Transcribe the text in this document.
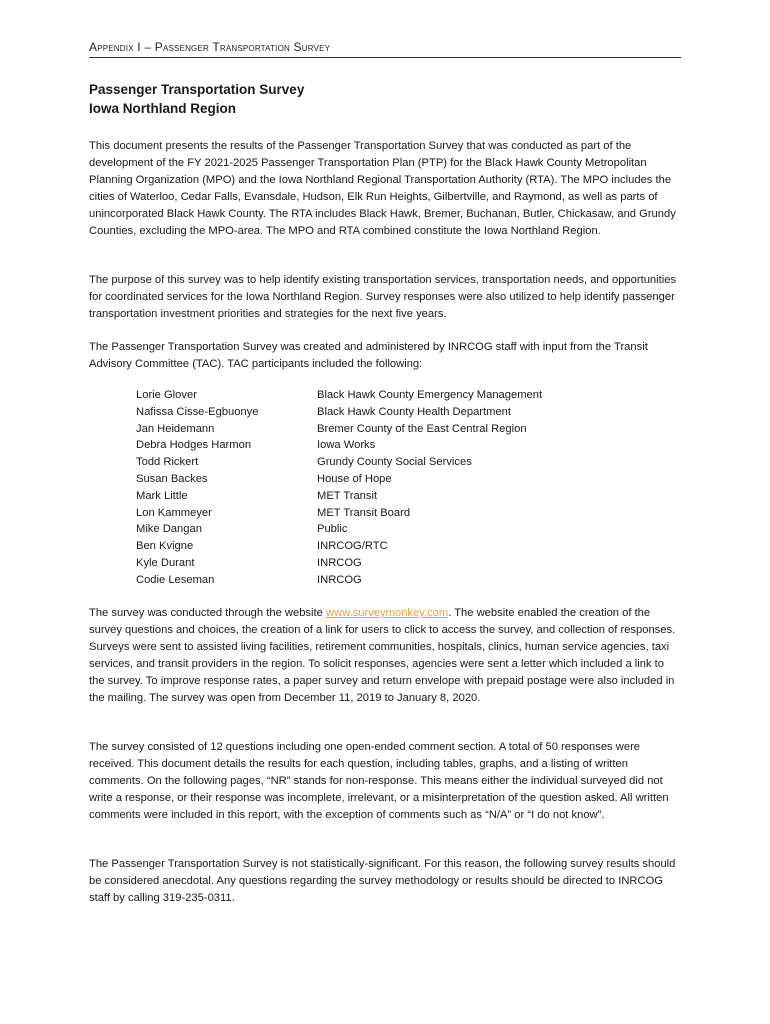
Appendix I – Passenger Transportation Survey
Passenger Transportation Survey
Iowa Northland Region

This document presents the results of the Passenger Transportation Survey that was conducted as part of the development of the FY 2021-2025 Passenger Transportation Plan (PTP) for the Black Hawk County Metropolitan Planning Organization (MPO) and the Iowa Northland Regional Transportation Authority (RTA). The MPO includes the cities of Waterloo, Cedar Falls, Evansdale, Hudson, Elk Run Heights, Gilbertville, and Raymond, as well as parts of unincorporated Black Hawk County. The RTA includes Black Hawk, Bremer, Buchanan, Butler, Chickasaw, and Grundy Counties, excluding the MPO-area. The MPO and RTA combined constitute the Iowa Northland Region.

The purpose of this survey was to help identify existing transportation services, transportation needs, and opportunities for coordinated services for the Iowa Northland Region. Survey responses were also utilized to help identify passenger transportation investment priorities and strategies for the next five years.

The Passenger Transportation Survey was created and administered by INRCOG staff with input from the Transit Advisory Committee (TAC). TAC participants included the following:

Lorie Glover	Black Hawk County Emergency Management
Nafissa Cisse-Egbuonye	Black Hawk County Health Department
Jan Heidemann	Bremer County of the East Central Region
Debra Hodges Harmon	Iowa Works
Todd Rickert	Grundy County Social Services
Susan Backes	House of Hope
Mark Little	MET Transit
Lon Kammeyer	MET Transit Board
Mike Dangan	Public
Ben Kvigne	INRCOG/RTC
Kyle Durant	INRCOG
Codie Leseman	INRCOG

The survey was conducted through the website www.surveymonkey.com. The website enabled the creation of the survey questions and choices, the creation of a link for users to click to access the survey, and collection of responses. Surveys were sent to assisted living facilities, retirement communities, hospitals, clinics, human service agencies, taxi services, and transit providers in the region. To solicit responses, agencies were sent a letter which included a link to the survey. To improve response rates, a paper survey and return envelope with prepaid postage were also included in the mailing. The survey was open from December 11, 2019 to January 8, 2020.

The survey consisted of 12 questions including one open-ended comment section. A total of 50 responses were received. This document details the results for each question, including tables, graphs, and a listing of written comments. On the following pages, “NR” stands for non-response. This means either the individual surveyed did not write a response, or their response was incomplete, irrelevant, or a misinterpretation of the question asked. All written comments were included in this report, with the exception of comments such as “N/A” or “I do not know”.

The Passenger Transportation Survey is not statistically-significant. For this reason, the following survey results should be considered anecdotal. Any questions regarding the survey methodology or results should be directed to INRCOG staff by calling 319-235-0311.
